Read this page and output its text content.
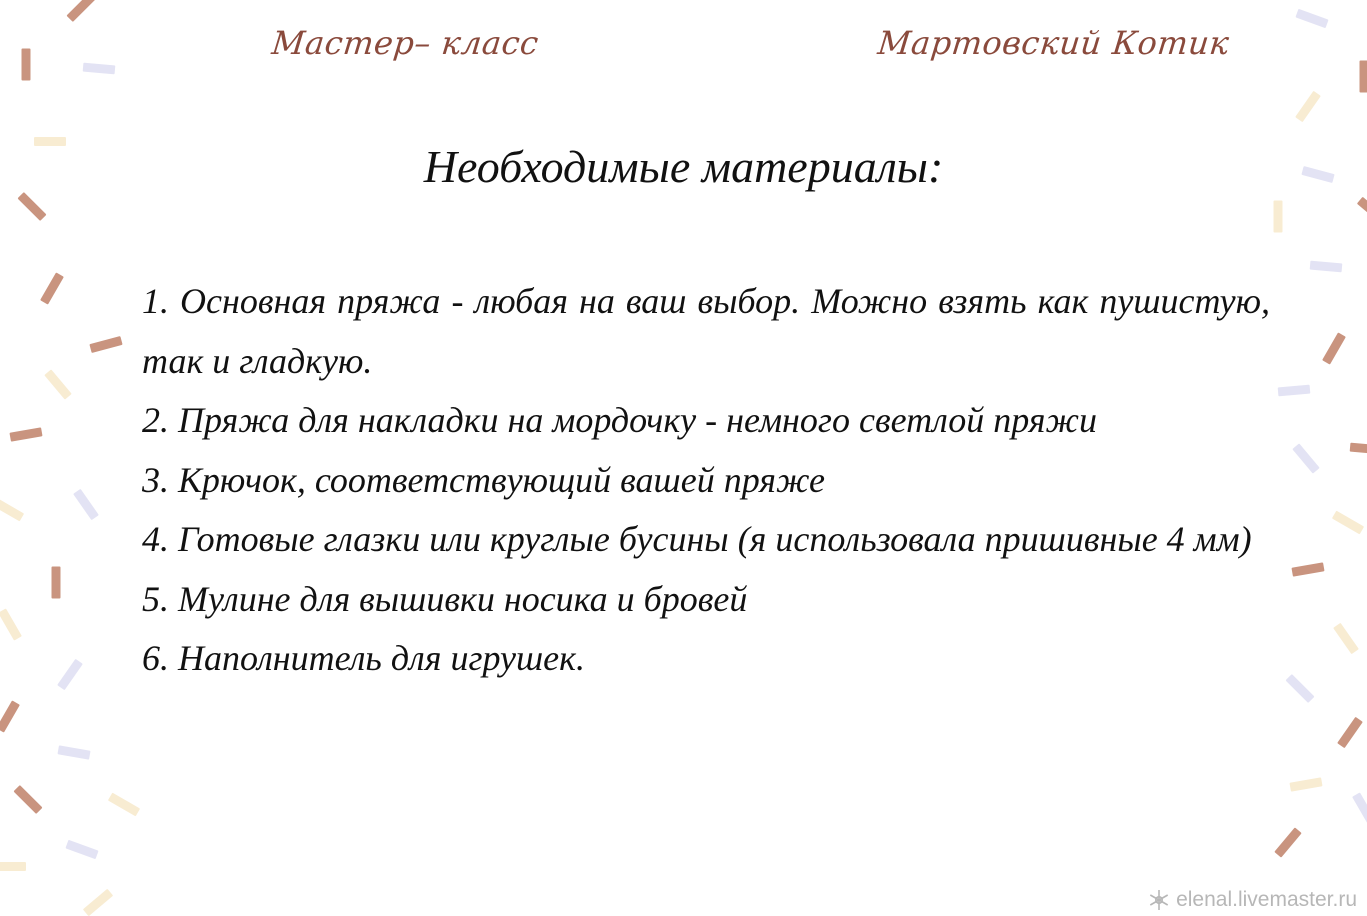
Мастер– класс	Мартовский Котик
Необходимые материалы:
1. Основная пряжа - любая на ваш выбор. Можно взять как пушистую, так и гладкую.
2. Пряжа для накладки на мордочку - немного светлой пряжи
3. Крючок, соответствующий вашей пряже
4. Готовые глазки или круглые бусины (я использовала пришивные 4 мм)
5. Мулине для вышивки носика и бровей
6. Наполнитель для игрушек.
elenal.livemaster.ru
